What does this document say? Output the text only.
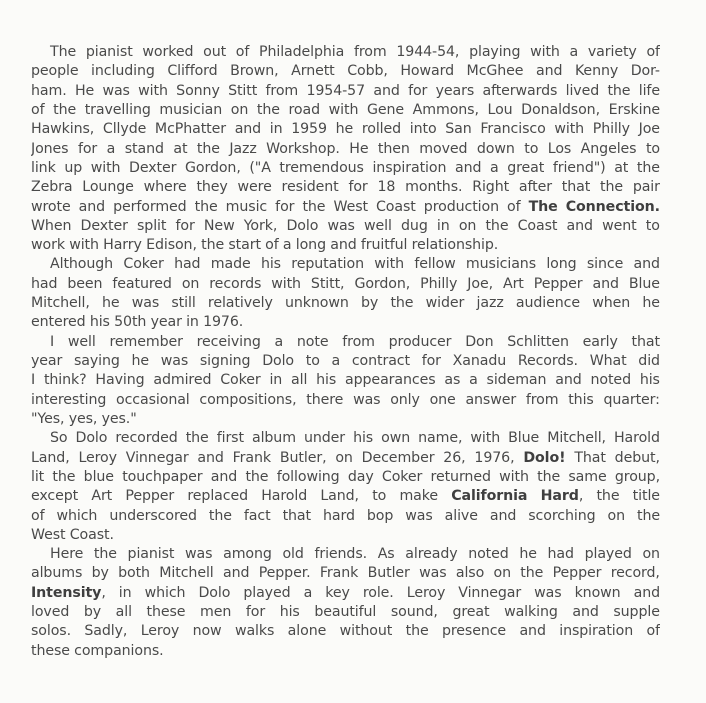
The pianist worked out of Philadelphia from 1944-54, playing with a variety of
people including Clifford Brown, Arnett Cobb, Howard McGhee and Kenny Dor-
ham. He was with Sonny Stitt from 1954-57 and for years afterwards lived the life
of the travelling musician on the road with Gene Ammons, Lou Donaldson, Erskine
Hawkins, Cllyde McPhatter and in 1959 he rolled into San Francisco with Philly Joe
Jones for a stand at the Jazz Workshop. He then moved down to Los Angeles to
link up with Dexter Gordon, ("A tremendous inspiration and a great friend") at the
Zebra Lounge where they were resident for 18 months. Right after that the pair
wrote and performed the music for the West Coast production of The Connection.
When Dexter split for New York, Dolo was well dug in on the Coast and went to
work with Harry Edison, the start of a long and fruitful relationship.
Although Coker had made his reputation with fellow musicians long since and
had been featured on records with Stitt, Gordon, Philly Joe, Art Pepper and Blue
Mitchell, he was still relatively unknown by the wider jazz audience when he
entered his 50th year in 1976.
I well remember receiving a note from producer Don Schlitten early that
year saying he was signing Dolo to a contract for Xanadu Records. What did
I think? Having admired Coker in all his appearances as a sideman and noted his
interesting occasional compositions, there was only one answer from this quarter:
"Yes, yes, yes."
So Dolo recorded the first album under his own name, with Blue Mitchell, Harold
Land, Leroy Vinnegar and Frank Butler, on December 26, 1976, Dolo! That debut,
lit the blue touchpaper and the following day Coker returned with the same group,
except Art Pepper replaced Harold Land, to make California Hard, the title
of which underscored the fact that hard bop was alive and scorching on the
West Coast.
Here the pianist was among old friends. As already noted he had played on
albums by both Mitchell and Pepper. Frank Butler was also on the Pepper record,
Intensity, in which Dolo played a key role. Leroy Vinnegar was known and
loved by all these men for his beautiful sound, great walking and supple
solos. Sadly, Leroy now walks alone without the presence and inspiration of
these companions.
